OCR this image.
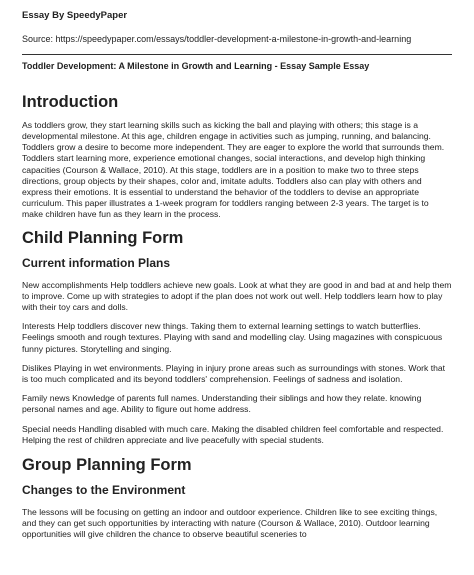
Essay By SpeedyPaper
Source: https://speedypaper.com/essays/toddler-development-a-milestone-in-growth-and-learning
Toddler Development: A Milestone in Growth and Learning - Essay Sample Essay
Introduction

As toddlers grow, they start learning skills such as kicking the ball and playing with others; this stage is a developmental milestone. At this age, children engage in activities such as jumping, running, and balancing. Toddlers grow a desire to become more independent. They are eager to explore the world that surrounds them. Toddlers start learning more, experience emotional changes, social interactions, and develop high thinking capacities (Courson & Wallace, 2010). At this stage, toddlers are in a position to make two to three steps directions, group objects by their shapes, color and, imitate adults. Toddlers also can play with others and express their emotions. It is essential to understand the behavior of the toddlers to devise an appropriate curriculum. This paper illustrates a 1-week program for toddlers ranging between 2-3 years. The target is to make children have fun as they learn in the process.

Child Planning Form
Current information Plans

New accomplishments Help toddlers achieve new goals. Look at what they are good in and bad at and help them to improve. Come up with strategies to adopt if the plan does not work out well. Help toddlers learn how to play with their toy cars and dolls.

Interests Help toddlers discover new things. Taking them to external learning settings to watch butterflies. Feelings smooth and rough textures. Playing with sand and modelling clay. Using magazines with conspicuous funny pictures. Storytelling and singing.

Dislikes Playing in wet environments. Playing in injury prone areas such as surroundings with stones. Work that is too much complicated and its beyond toddlers' comprehension. Feelings of sadness and isolation.

Family news Knowledge of parents full names. Understanding their siblings and how they relate. knowing personal names and age. Ability to figure out home address.

Special needs Handling disabled with much care. Making the disabled children feel comfortable and respected. Helping the rest of children appreciate and live peacefully with special students.

Group Planning Form
Changes to the Environment

The lessons will be focusing on getting an indoor and outdoor experience. Children like to see exciting things, and they can get such opportunities by interacting with nature (Courson & Wallace, 2010). Outdoor learning opportunities will give children the chance to observe beautiful sceneries to
